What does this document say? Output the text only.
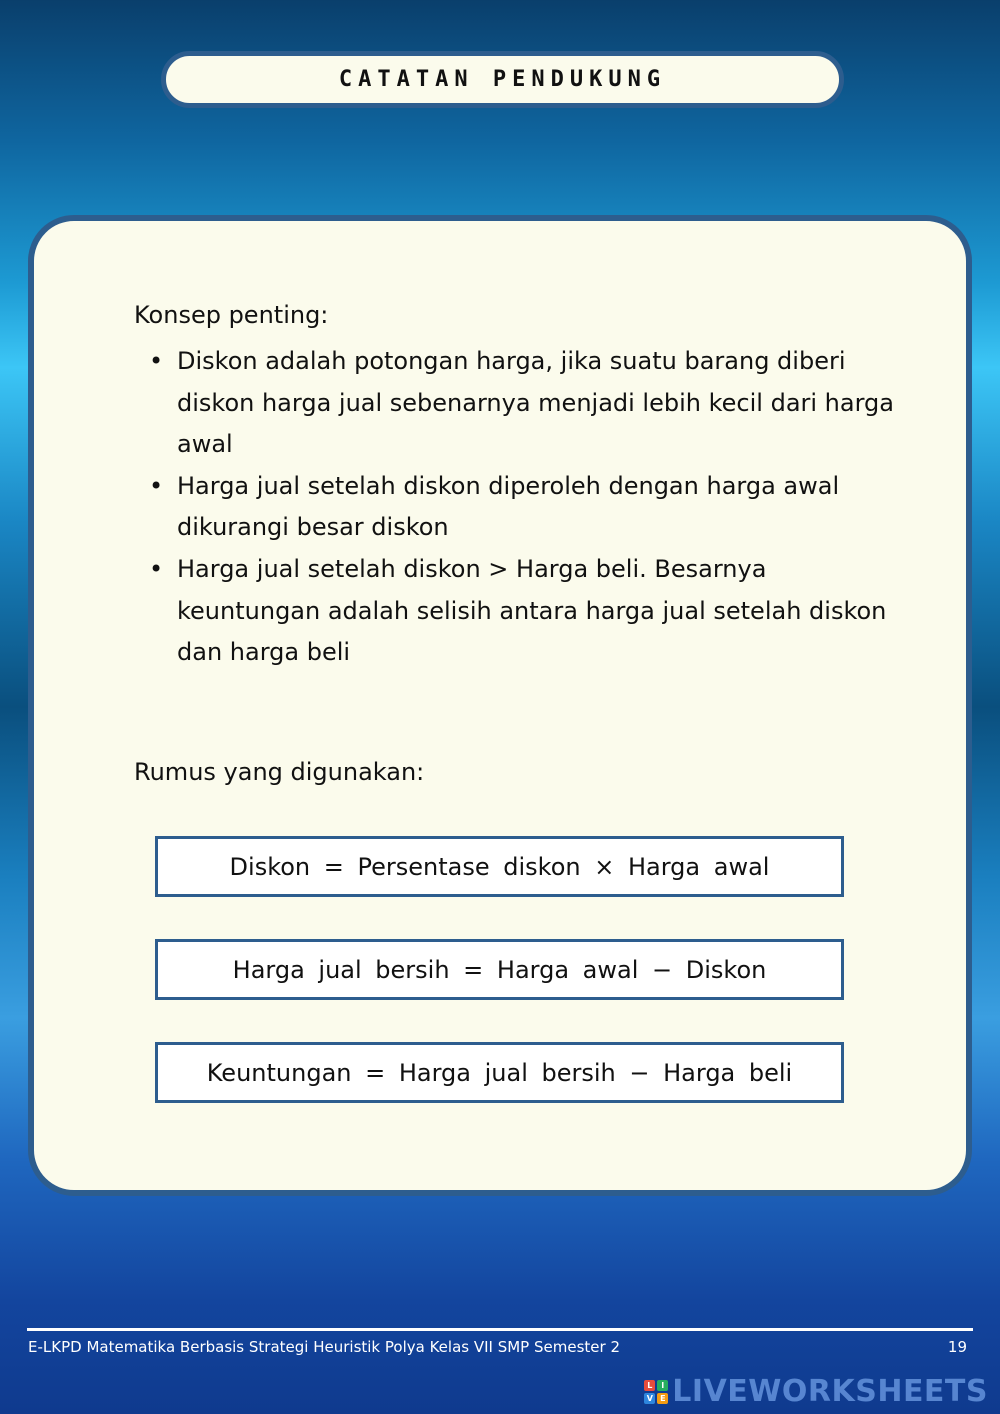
CATATAN PENDUKUNG
Konsep penting:
• Diskon adalah potongan harga, jika suatu barang diberi diskon harga jual sebenarnya menjadi lebih kecil dari harga awal
• Harga jual setelah diskon diperoleh dengan harga awal dikurangi besar diskon
• Harga jual setelah diskon > Harga beli. Besarnya keuntungan adalah selisih antara harga jual setelah diskon dan harga beli
Rumus yang digunakan:
Diskon = Persentase diskon × Harga awal
Harga jual bersih = Harga awal − Diskon
Keuntungan = Harga jual bersih − Harga beli
E-LKPD Matematika Berbasis Strategi Heuristik Polya Kelas VII SMP Semester 2	19
L	I
V E LIVEWORKSHEETS
